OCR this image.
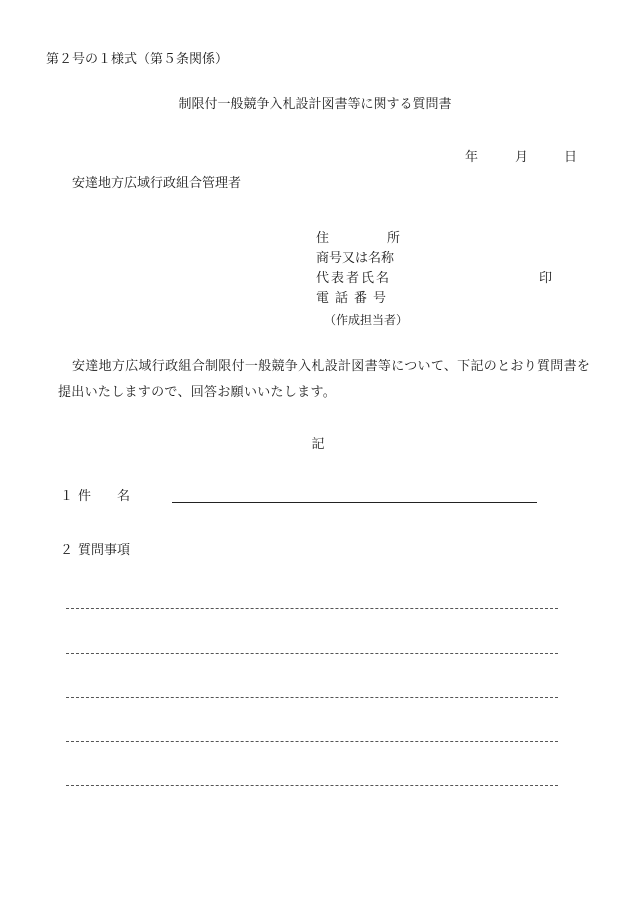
第２号の１様式（第５条関係）
制限付一般競争入札設計図書等に関する質問書
年	月	日
安達地方広域行政組合管理者
住	所
商号又は名称
代表者氏名	印
電話番号
（作成担当者）
安達地方広域行政組合制限付一般競争入札設計図書等について、下記のとおり質問書を提出いたしますので、回答お願いいたします。
記
１ 件 名
２ 質問事項
